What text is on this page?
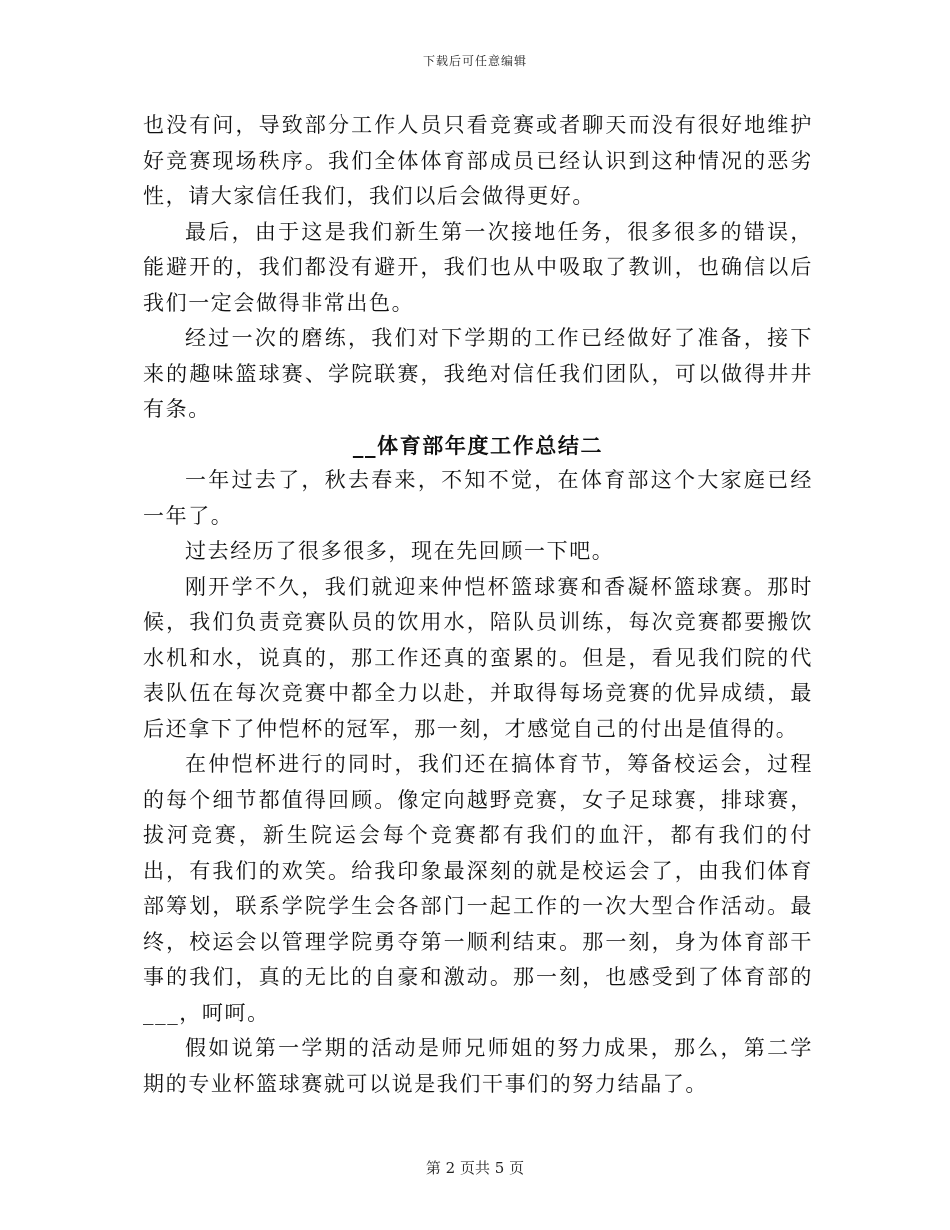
下载后可任意编辑

也没有问，导致部分工作人员只看竞赛或者聊天而没有很好地维护好竞赛现场秩序。我们全体体育部成员已经认识到这种情况的恶劣性，请大家信任我们，我们以后会做得更好。

最后，由于这是我们新生第一次接地任务，很多很多的错误，能避开的，我们都没有避开，我们也从中吸取了教训，也确信以后我们一定会做得非常出色。

经过一次的磨练，我们对下学期的工作已经做好了准备，接下来的趣味篮球赛、学院联赛，我绝对信任我们团队，可以做得井井有条。

__体育部年度工作总结二

一年过去了，秋去春来，不知不觉，在体育部这个大家庭已经一年了。

过去经历了很多很多，现在先回顾一下吧。

刚开学不久，我们就迎来仲恺杯篮球赛和香凝杯篮球赛。那时候，我们负责竞赛队员的饮用水，陪队员训练，每次竞赛都要搬饮水机和水，说真的，那工作还真的蛮累的。但是，看见我们院的代表队伍在每次竞赛中都全力以赴，并取得每场竞赛的优异成绩，最后还拿下了仲恺杯的冠军，那一刻，才感觉自己的付出是值得的。

在仲恺杯进行的同时，我们还在搞体育节，筹备校运会，过程的每个细节都值得回顾。像定向越野竞赛，女子足球赛，排球赛，拔河竞赛，新生院运会每个竞赛都有我们的血汗，都有我们的付出，有我们的欢笑。给我印象最深刻的就是校运会了，由我们体育部筹划，联系学院学生会各部门一起工作的一次大型合作活动。最终，校运会以管理学院勇夺第一顺利结束。那一刻，身为体育部干事的我们，真的无比的自豪和激动。那一刻，也感受到了体育部的___，呵呵。

假如说第一学期的活动是师兄师姐的努力成果，那么，第二学期的专业杯篮球赛就可以说是我们干事们的努力结晶了。

第 2 页共 5 页
